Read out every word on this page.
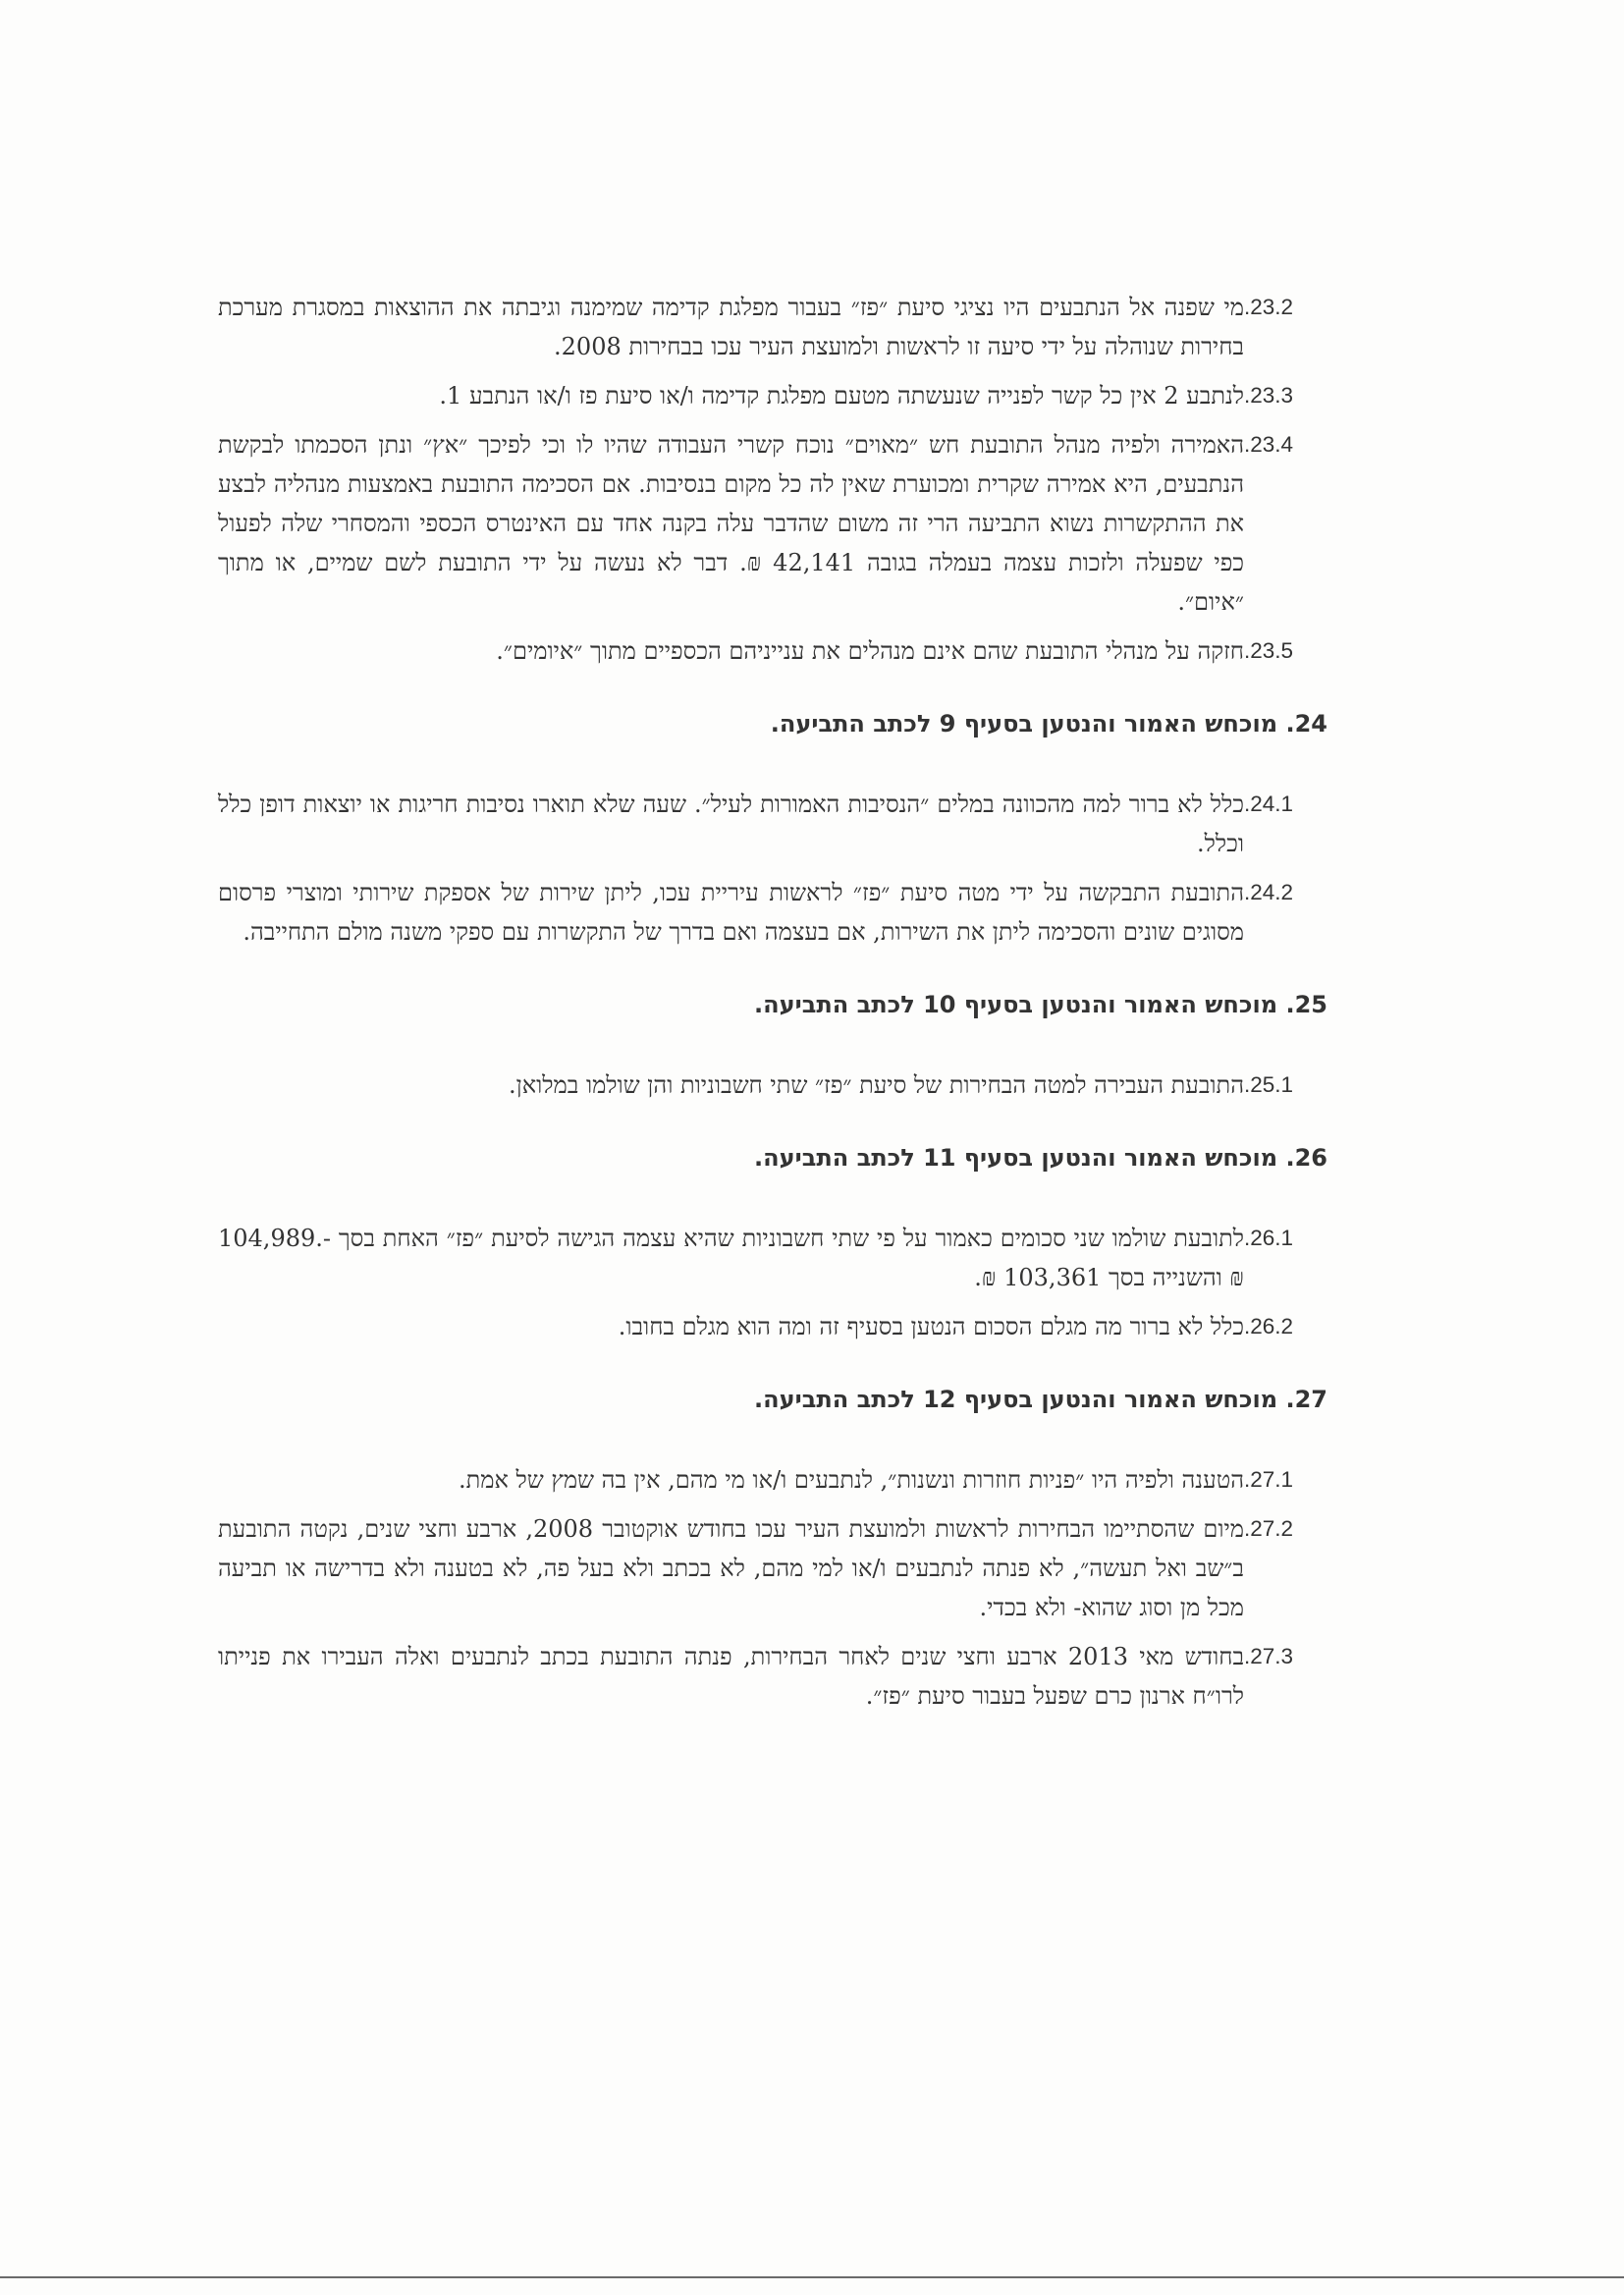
.23.2
מי שפנה אל הנתבעים היו נציגי סיעת ״פז״ בעבור מפלגת קדימה שמימנה וגיבתה את ההוצאות במסגרת מערכת בחירות שנוהלה על ידי סיעה זו לראשות ולמועצת העיר עכו בבחירות 2008.
.23.3
לנתבע 2 אין כל קשר לפנייה שנעשתה מטעם מפלגת קדימה ו/או סיעת פז ו/או הנתבע 1.
.23.4
האמירה ולפיה מנהל התובעת חש ״מאוים״ נוכח קשרי העבודה שהיו לו וכי לפיכך ״אץ״ ונתן הסכמתו לבקשת הנתבעים, היא אמירה שקרית ומכוערת שאין לה כל מקום בנסיבות. אם הסכימה התובעת באמצעות מנהליה לבצע את ההתקשרות נשוא התביעה הרי זה משום שהדבר עלה בקנה אחד עם האינטרס הכספי והמסחרי שלה לפעול כפי שפעלה ולזכות עצמה בעמלה בגובה 42,141 ₪. דבר לא נעשה על ידי התובעת לשם שמיים, או מתוך ״איום״.
.23.5
חזקה על מנהלי התובעת שהם אינם מנהלים את ענייניהם הכספיים מתוך ״איומים״.
24. מוכחש האמור והנטען בסעיף 9 לכתב התביעה.
.24.1
כלל לא ברור למה מהכוונה במלים ״הנסיבות האמורות לעיל״. שעה שלא תוארו נסיבות חריגות או יוצאות דופן כלל וכלל.
.24.2
התובעת התבקשה על ידי מטה סיעת ״פז״ לראשות עיריית עכו, ליתן שירות של אספקת שירותי ומוצרי פרסום מסוגים שונים והסכימה ליתן את השירות, אם בעצמה ואם בדרך של התקשרות עם ספקי משנה מולם התחייבה.
25. מוכחש האמור והנטען בסעיף 10 לכתב התביעה.
.25.1
התובעת העבירה למטה הבחירות של סיעת ״פז״ שתי חשבוניות והן שולמו במלואן.
26. מוכחש האמור והנטען בסעיף 11 לכתב התביעה.
.26.1
לתובעת שולמו שני סכומים כאמור על פי שתי חשבוניות שהיא עצמה הגישה לסיעת ״פז״ האחת בסך -.104,989 ₪ והשנייה בסך 103,361 ₪.
.26.2
כלל לא ברור מה מגלם הסכום הנטען בסעיף זה ומה הוא מגלם בחובו.
27. מוכחש האמור והנטען בסעיף 12 לכתב התביעה.
.27.1
הטענה ולפיה היו ״פניות חוזרות ונשנות״, לנתבעים ו/או מי מהם, אין בה שמץ של אמת.
.27.2
מיום שהסתיימו הבחירות לראשות ולמועצת העיר עכו בחודש אוקטובר 2008, ארבע וחצי שנים, נקטה התובעת ב״שב ואל תעשה״, לא פנתה לנתבעים ו/או למי מהם, לא בכתב ולא בעל פה, לא בטענה ולא בדרישה או תביעה מכל מן וסוג שהוא- ולא בכדי.
.27.3
בחודש מאי 2013 ארבע וחצי שנים לאחר הבחירות, פנתה התובעת בכתב לנתבעים ואלה העבירו את פנייתו לרו״ח ארנון כרם שפעל בעבור סיעת ״פז״.
